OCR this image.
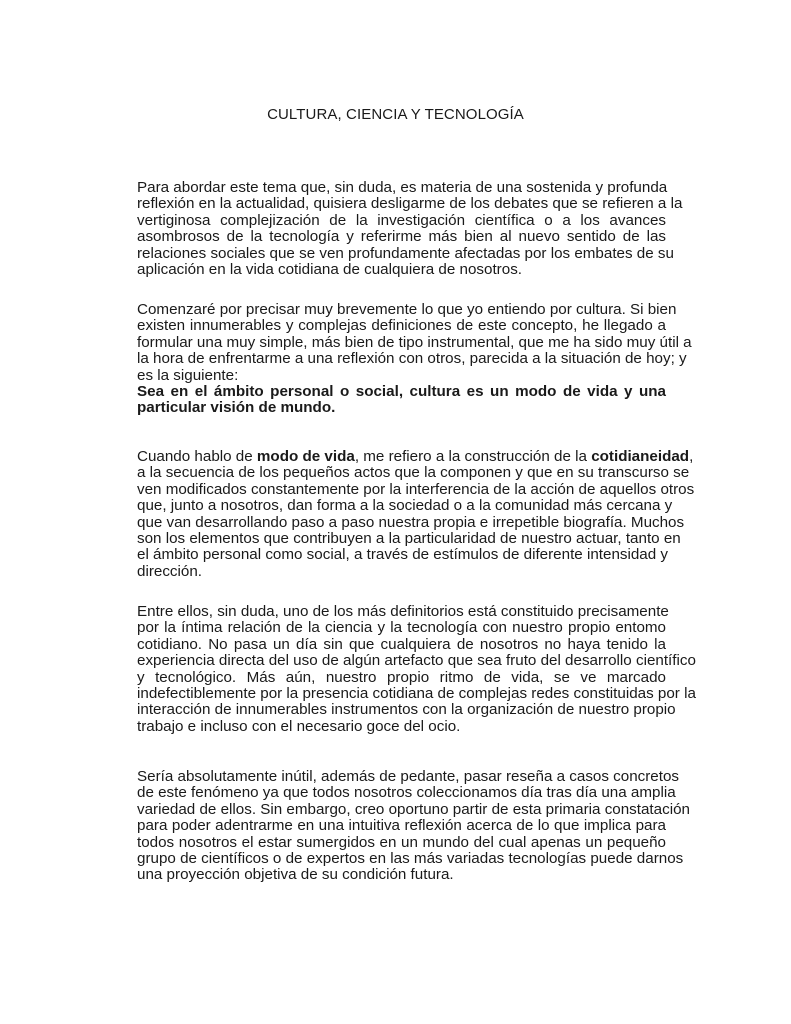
CULTURA, CIENCIA Y TECNOLOGÍA
Para abordar este tema que, sin duda, es materia de una sostenida y profunda
reflexión en la actualidad, quisiera desligarme de los debates que se refieren a la
vertiginosa complejización de la investigación científica o a los avances
asombrosos de la tecnología y referirme más bien al nuevo sentido de las
relaciones sociales que se ven profundamente afectadas por los embates de su
aplicación en la vida cotidiana de cualquiera de nosotros.
Comenzaré por precisar muy brevemente lo que yo entiendo por cultura. Si bien
existen innumerables y complejas definiciones de este concepto, he llegado a
formular una muy simple, más bien de tipo instrumental, que me ha sido muy útil a
la hora de enfrentarme a una reflexión con otros, parecida a la situación de hoy; y
es la siguiente:
Sea en el ámbito personal o social, cultura es un modo de vida y una
particular visión de mundo.
Cuando hablo de modo de vida, me refiero a la construcción de la cotidianeidad,
a la secuencia de los pequeños actos que la componen y que en su transcurso se
ven modificados constantemente por la interferencia de la acción de aquellos otros
que, junto a nosotros, dan forma a la sociedad o a la comunidad más cercana y
que van desarrollando paso a paso nuestra propia e irrepetible biografía. Muchos
son los elementos que contribuyen a la particularidad de nuestro actuar, tanto en
el ámbito personal como social, a través de estímulos de diferente intensidad y
dirección.
Entre ellos, sin duda, uno de los más definitorios está constituido precisamente
por la íntima relación de la ciencia y la tecnología con nuestro propio entomo
cotidiano. No pasa un día sin que cualquiera de nosotros no haya tenido la
experiencia directa del uso de algún artefacto que sea fruto del desarrollo científico
y tecnológico. Más aún, nuestro propio ritmo de vida, se ve marcado
indefectiblemente por la presencia cotidiana de complejas redes constituidas por la
interacción de innumerables instrumentos con la organización de nuestro propio
trabajo e incluso con el necesario goce del ocio.
Sería absolutamente inútil, además de pedante, pasar reseña a casos concretos
de este fenómeno ya que todos nosotros coleccionamos día tras día una amplia
variedad de ellos. Sin embargo, creo oportuno partir de esta primaria constatación
para poder adentrarme en una intuitiva reflexión acerca de lo que implica para
todos nosotros el estar sumergidos en un mundo del cual apenas un pequeño
grupo de científicos o de expertos en las más variadas tecnologías puede darnos
una proyección objetiva de su condición futura.
